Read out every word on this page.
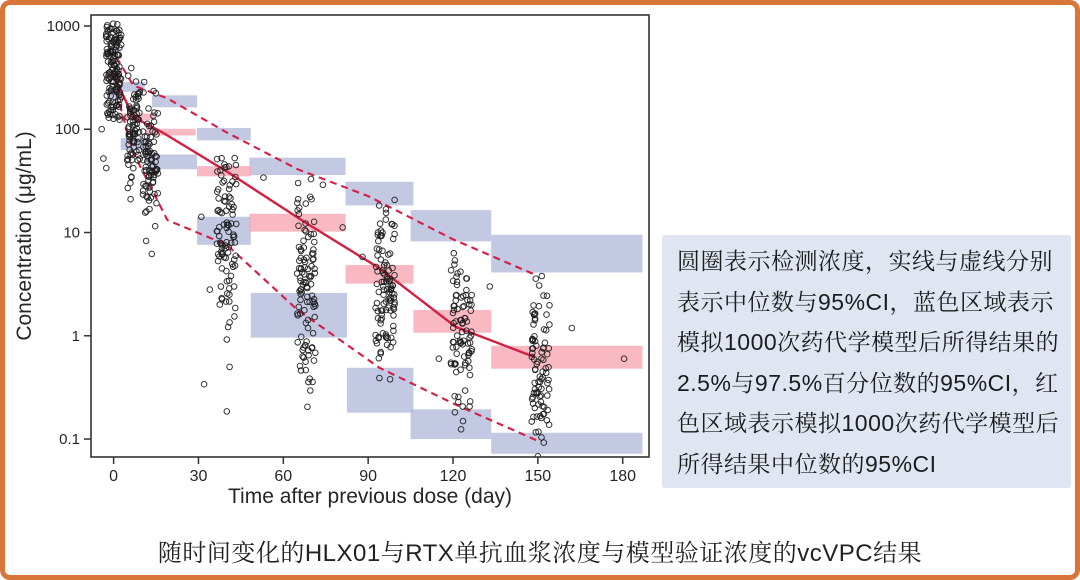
0	30	60	90	120	150	180
1000
100
10
1
0.1
Time after previous dose (day)
Concentration (μg/mL)	圆圈表示检测浓度，实线与虚线分别
表示中位数与95%CI，蓝色区域表示
模拟1000次药代学模型后所得结果的
2.5%与97.5%百分位数的95%CI，红
色区域表示模拟1000次药代学模型后
所得结果中位数的95%CI
随时间变化的HLX01与RTX单抗血浆浓度与模型验证浓度的vcVPC结果
